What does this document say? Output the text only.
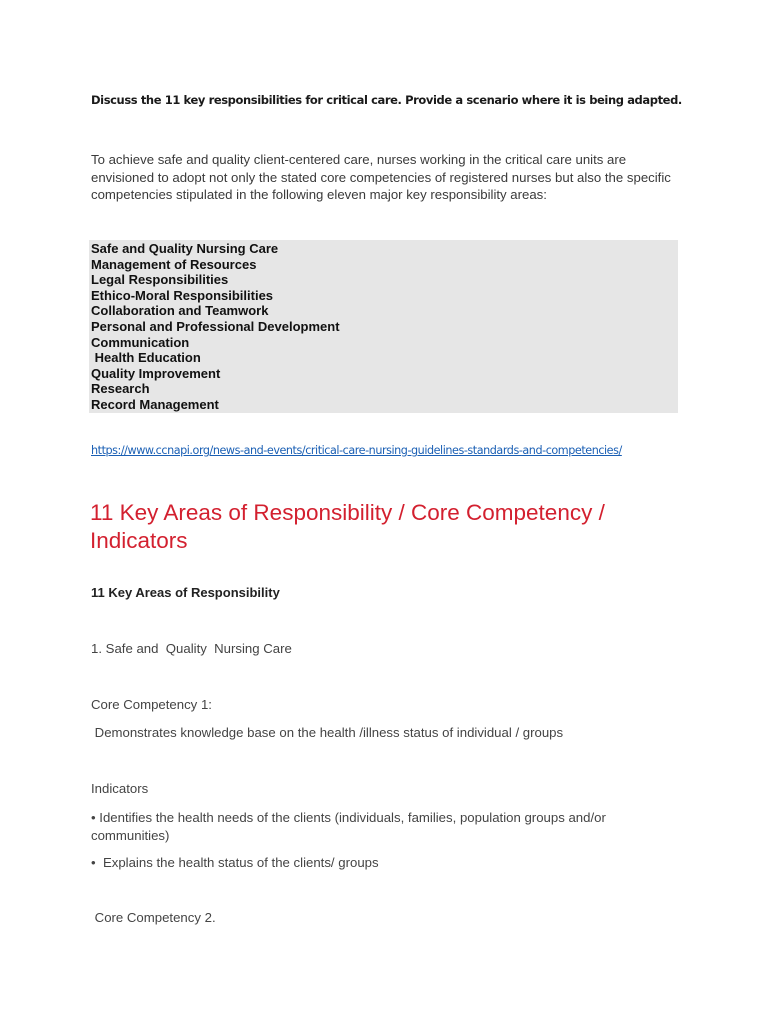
Discuss the 11 key responsibilities for critical care. Provide a scenario where it is being adapted.
To achieve safe and quality client-centered care, nurses working in the critical care units are envisioned to adopt not only the stated core competencies of registered nurses but also the specific competencies stipulated in the following eleven major key responsibility areas:
Safe and Quality Nursing Care
Management of Resources
Legal Responsibilities
Ethico-Moral Responsibilities
Collaboration and Teamwork
Personal and Professional Development
Communication
Health Education
Quality Improvement
Research
Record Management
https://www.ccnapi.org/news-and-events/critical-care-nursing-guidelines-standards-and-competencies/
11 Key Areas of Responsibility / Core Competency / Indicators
11 Key Areas of Responsibility
1. Safe and  Quality  Nursing Care
Core Competency 1:
Demonstrates knowledge base on the health /illness status of individual / groups
Indicators
• Identifies the health needs of the clients (individuals, families, population groups and/or communities)
•  Explains the health status of the clients/ groups
Core Competency 2.
